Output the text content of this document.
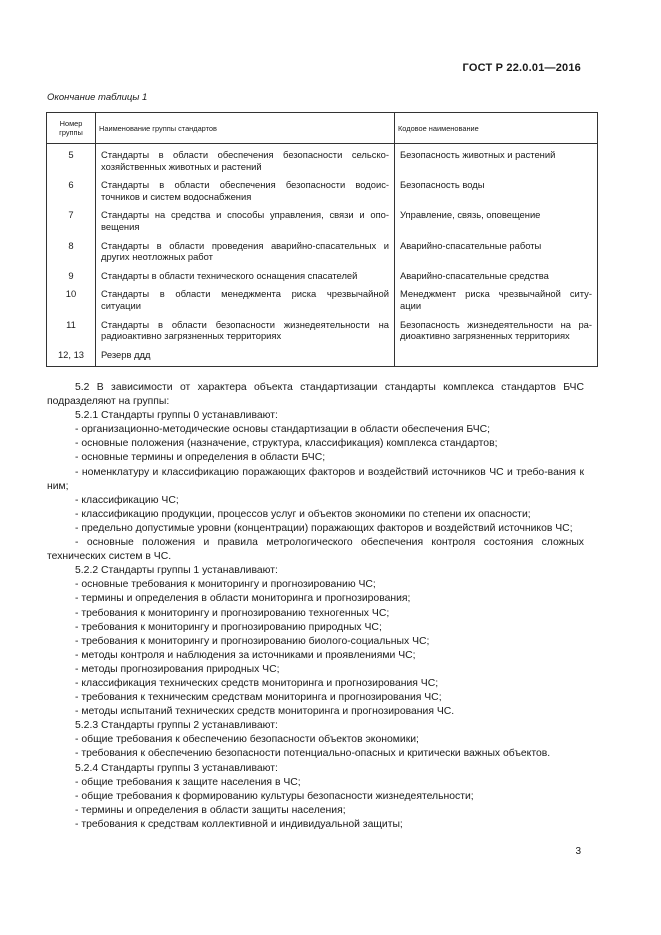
ГОСТ Р 22.0.01—2016
Окончание таблицы 1
Номер группы	Наименование группы стандартов	Кодовое наименование
5	Стандарты в области обеспечения безопасности сельско-хозяйственных животных и растений	Безопасность животных и растений
6	Стандарты в области обеспечения безопасности водоис-точников и систем водоснабжения	Безопасность воды
7	Стандарты на средства и способы управления, связи и опо-вещения	Управление, связь, оповещение
8	Стандарты в области проведения аварийно-спасательных и других неотложных работ	Аварийно-спасательные работы
9	Стандарты в области технического оснащения спасателей	Аварийно-спасательные средства
10	Стандарты в области менеджмента риска чрезвычайной ситуации	Менеджмент риска чрезвычайной ситу-ации
11	Стандарты в области безопасности жизнедеятельности на радиоактивно загрязненных территориях	Безопасность жизнедеятельности на ра-диоактивно загрязненных территориях
12, 13	Резерв ддд	

5.2 В зависимости от характера объекта стандартизации стандарты комплекса стандартов БЧС подразделяют на группы:

5.2.1 Стандарты группы 0 устанавливают:

- организационно-методические основы стандартизации в области обеспечения БЧС;

- основные положения (назначение, структура, классификация) комплекса стандартов;

- основные термины и определения в области БЧС;

- номенклатуру и классификацию поражающих факторов и воздействий источников ЧС и требо-вания к ним;

- классификацию ЧС;

- классификацию продукции, процессов услуг и объектов экономики по степени их опасности;

- предельно допустимые уровни (концентрации) поражающих факторов и воздействий источников ЧС;

- основные положения и правила метрологического обеспечения контроля состояния сложных технических систем в ЧС.

5.2.2 Стандарты группы 1 устанавливают:

- основные требования к мониторингу и прогнозированию ЧС;

- термины и определения в области мониторинга и прогнозирования;

- требования к мониторингу и прогнозированию техногенных ЧС;

- требования к мониторингу и прогнозированию природных ЧС;

- требования к мониторингу и прогнозированию биолого-социальных ЧС;

- методы контроля и наблюдения за источниками и проявлениями ЧС;

- методы прогнозирования природных ЧС;

- классификация технических средств мониторинга и прогнозирования ЧС;

- требования к техническим средствам мониторинга и прогнозирования ЧС;

- методы испытаний технических средств мониторинга и прогнозирования ЧС.

5.2.3 Стандарты группы 2 устанавливают:

- общие требования к обеспечению безопасности объектов экономики;

- требования к обеспечению безопасности потенциально-опасных и критически важных объектов.

5.2.4 Стандарты группы 3 устанавливают:

- общие требования к защите населения в ЧС;

- общие требования к формированию культуры безопасности жизнедеятельности;

- термины и определения в области защиты населения;

- требования к средствам коллективной и индивидуальной защиты;

3
